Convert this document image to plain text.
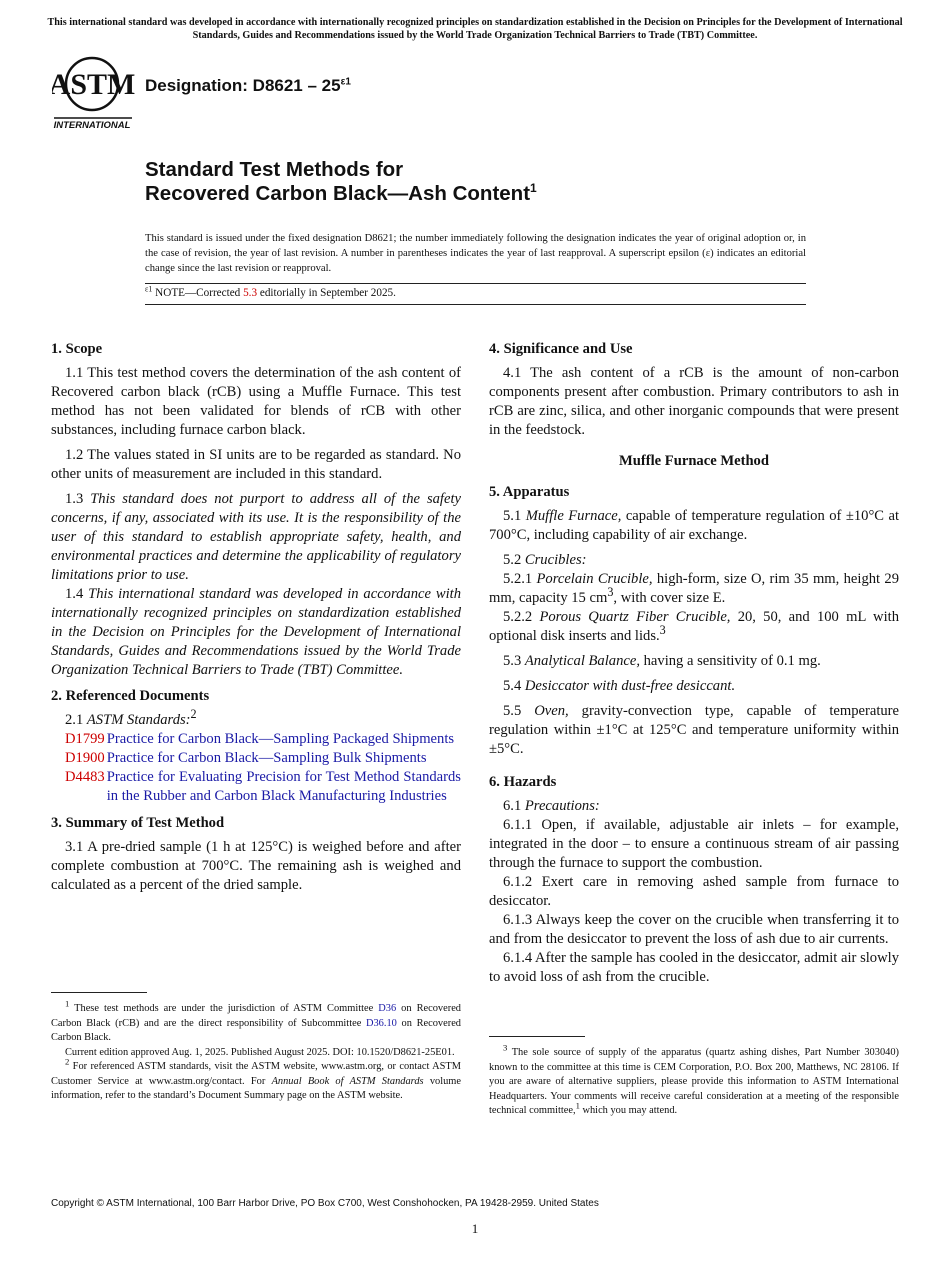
This international standard was developed in accordance with internationally recognized principles on standardization established in the Decision on Principles for the Development of International Standards, Guides and Recommendations issued by the World Trade Organization Technical Barriers to Trade (TBT) Committee.
ASTM
INTERNATIONAL
Designation: $D8621 - 25^{\varepsilon 1}$
Standard Test Methods for
Recovered Carbon Black—Ash Content$^1$
This standard is issued under the fixed designation D8621; the number immediately following the designation indicates the year of original adoption or, in the case of revision, the year of last revision. A number in parentheses indicates the year of last reapproval. A superscript epsilon (ε) indicates an editorial change since the last revision or reapproval.
$^{\varepsilon 1}$ NOTE—Corrected 5.3 editorially in September 2025.
1. Scope

1.1 This test method covers the determination of the ash content of Recovered carbon black (rCB) using a Muffle Furnace. This test method has not been validated for blends of rCB with other substances, including furnace carbon black.

1.2 The values stated in SI units are to be regarded as standard. No other units of measurement are included in this standard.

1.3 This standard does not purport to address all of the safety concerns, if any, associated with its use. It is the responsibility of the user of this standard to establish appropriate safety, health, and environmental practices and determine the applicability of regulatory limitations prior to use.

1.4 This international standard was developed in accordance with internationally recognized principles on standardization established in the Decision on Principles for the Development of International Standards, Guides and Recommendations issued by the World Trade Organization Technical Barriers to Trade (TBT) Committee.

2. Referenced Documents

2.1 ASTM Standards:$^2$

D1799 Practice for Carbon Black—Sampling Packaged Shipments
D1900 Practice for Carbon Black—Sampling Bulk Shipments
D4483 Practice for Evaluating Precision for Test Method Standards in the Rubber and Carbon Black Manufacturing Industries
3. Summary of Test Method

3.1 A pre-dried sample (1 h at 125°C) is weighed before and after complete combustion at 700°C. The remaining ash is weighed and calculated as a percent of the dried sample.

$^1$ These test methods are under the jurisdiction of ASTM Committee D36 on Recovered Carbon Black (rCB) and are the direct responsibility of Subcommittee D36.10 on Recovered Carbon Black.

Current edition approved Aug. 1, 2025. Published August 2025. DOI: 10.1520/D8621-25E01.

$^2$ For referenced ASTM standards, visit the ASTM website, www.astm.org, or contact ASTM Customer Service at www.astm.org/contact. For Annual Book of ASTM Standards volume information, refer to the standard’s Document Summary page on the ASTM website.

4. Significance and Use

4.1 The ash content of a rCB is the amount of non-carbon components present after combustion. Primary contributors to ash in rCB are zinc, silica, and other inorganic compounds that were present in the feedstock.

Muffle Furnace Method

5. Apparatus

5.1 Muffle Furnace, capable of temperature regulation of ±10°C at 700°C, including capability of air exchange.

5.2 Crucibles:

5.2.1 Porcelain Crucible, high-form, size O, rim 35 mm, height 29 mm, capacity 15 $cm^3$, with cover size E.

5.2.2 Porous Quartz Fiber Crucible, 20, 50, and 100 mL with optional disk inserts and lids.$^3$

5.3 Analytical Balance, having a sensitivity of 0.1 mg.

5.4 Desiccator with dust-free desiccant.

5.5 Oven, gravity-convection type, capable of temperature regulation within ±1°C at 125°C and temperature uniformity within ±5°C.

6. Hazards

6.1 Precautions:

6.1.1 Open, if available, adjustable air inlets – for example, integrated in the door – to ensure a continuous stream of air passing through the furnace to support the combustion.

6.1.2 Exert care in removing ashed sample from furnace to desiccator.

6.1.3 Always keep the cover on the crucible when transferring it to and from the desiccator to prevent the loss of ash due to air currents.

6.1.4 After the sample has cooled in the desiccator, admit air slowly to avoid loss of ash from the crucible.

$^3$ The sole source of supply of the apparatus (quartz ashing dishes, Part Number 303040) known to the committee at this time is CEM Corporation, P.O. Box 200, Matthews, NC 28106. If you are aware of alternative suppliers, please provide this information to ASTM International Headquarters. Your comments will receive careful consideration at a meeting of the responsible technical committee,$^1$ which you may attend.

Copyright © ASTM International, 100 Barr Harbor Drive, PO Box C700, West Conshohocken, PA 19428-2959. United States
1
